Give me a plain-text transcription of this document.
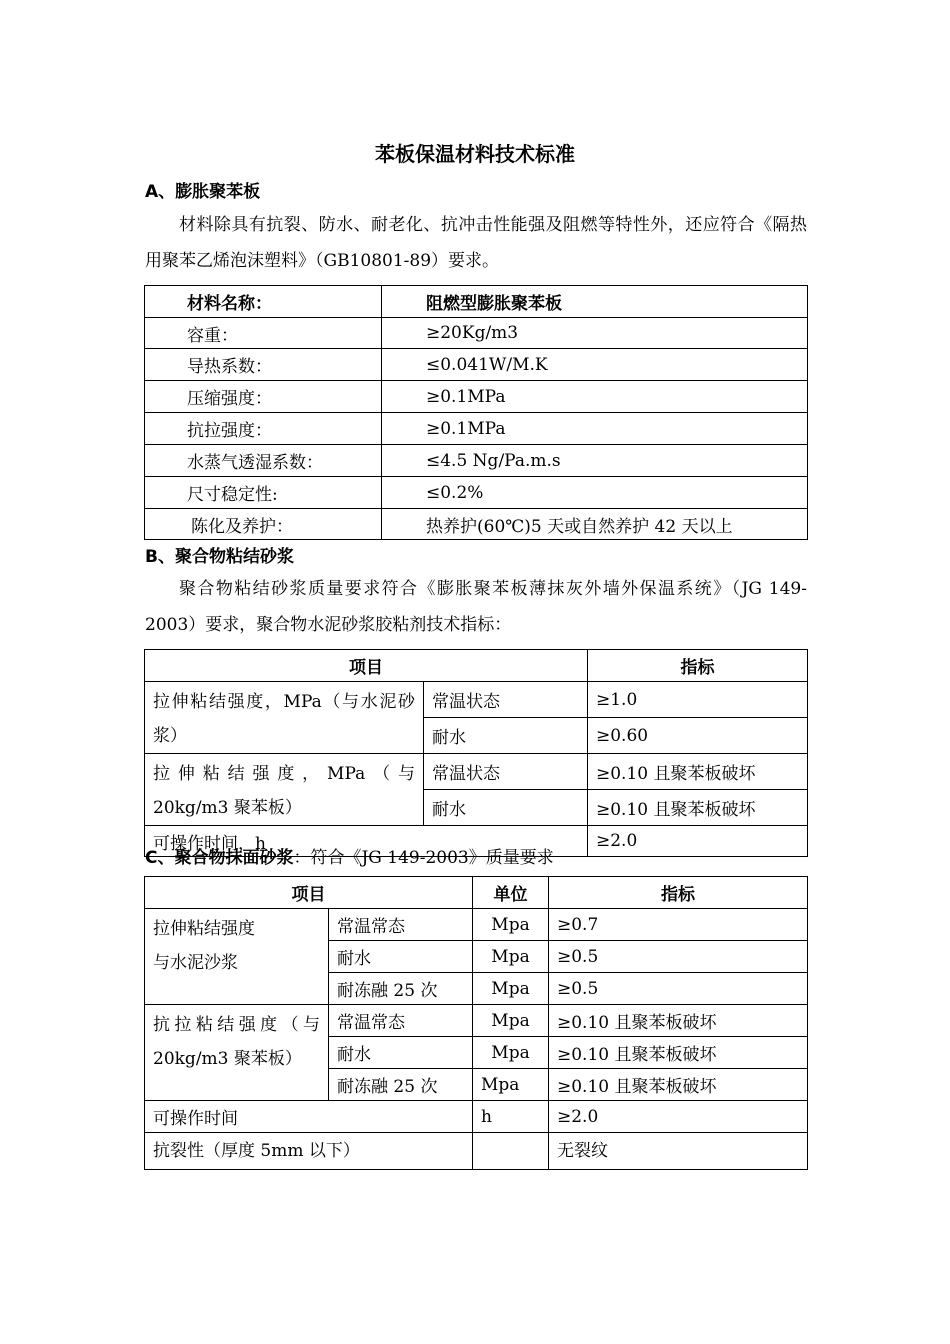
苯板保温材料技术标准
A、膨胀聚苯板

材料除具有抗裂、防水、耐老化、抗冲击性能强及阻燃等特性外，还应符合《隔热用聚苯乙烯泡沫塑料》（GB10801-89）要求。

材料名称：	阻燃型膨胀聚苯板
容重：	≥20Kg/m3
导热系数：	≤0.041W/M.K
压缩强度：	≥0.1MPa
抗拉强度：	≥0.1MPa
水蒸气透湿系数：	≤4.5 Ng/Pa.m.s
尺寸稳定性:	≤0.2%
陈化及养护：	热养护(60℃)5 天或自然养护 42 天以上
B、聚合物粘结砂浆

聚合物粘结砂浆质量要求符合《膨胀聚苯板薄抹灰外墙外保温系统》（JG 149-2003）要求，聚合物水泥砂浆胶粘剂技术指标：

项目		指标
拉伸粘结强度，MPa（与水泥砂浆）	常温状态	≥1.0
	耐水	≥0.60
拉伸粘结强度，MPa（与20kg/m3 聚苯板）	常温状态	≥0.10 且聚苯板破坏
	耐水	≥0.10 且聚苯板破坏
可操作时间，h		≥2.0
C、聚合物抹面砂浆：符合《JG 149-2003》质量要求
项目		单位	指标
拉伸粘结强度
与水泥沙浆	常温常态	Mpa	≥0.7
	耐水	Mpa	≥0.5
	耐冻融 25 次	Mpa	≥0.5
抗拉粘结强度（与 20kg/m3 聚苯板）	常温常态	Mpa	≥0.10 且聚苯板破坏
	耐水	Mpa	≥0.10 且聚苯板破坏
	耐冻融 25 次	Mpa	≥0.10 且聚苯板破坏
可操作时间		h	≥2.0
抗裂性（厚度 5mm 以下）			无裂纹
